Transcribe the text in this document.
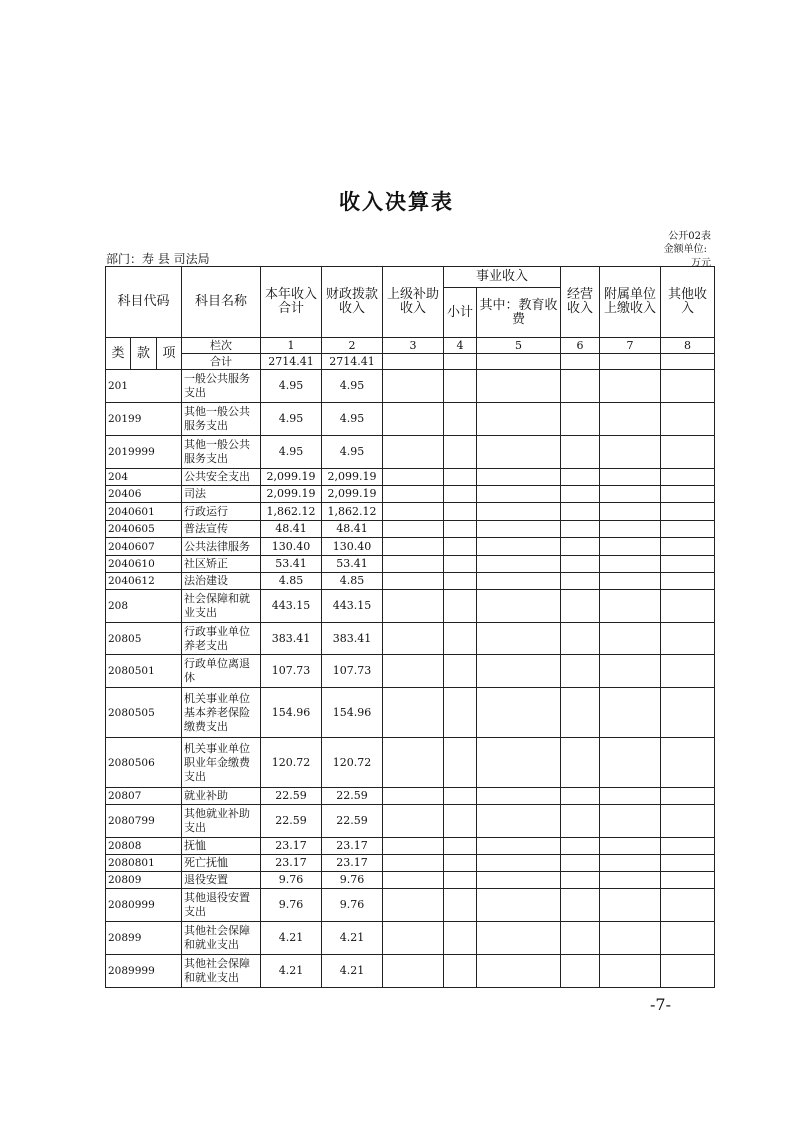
收入决算表
公开02表
金额单位:
万元
部门：寿 县 司法局
科目代码			科目名称	本年收入合计	财政拨款收入	上级补助收入	事业收入		经营收入	附属单位上缴收入	其他收入
							小计	其中：教育收费			

类	款	项	栏次	1	2	3	4	5	6	7	8
			合计	2714.41	2714.41						
201			一般公共服务支出	4.95	4.95						
20199			其他一般公共服务支出	4.95	4.95						
2019999			其他一般公共服务支出	4.95	4.95						
204			公共安全支出	2,099.19	2,099.19						
20406			司法	2,099.19	2,099.19						
2040601			行政运行	1,862.12	1,862.12						
2040605			普法宣传	48.41	48.41						
2040607			公共法律服务	130.40	130.40						
2040610			社区矫正	53.41	53.41						
2040612			法治建设	4.85	4.85						
208			社会保障和就业支出	443.15	443.15						
20805			行政事业单位养老支出	383.41	383.41						
2080501			行政单位离退休	107.73	107.73						
2080505			机关事业单位基本养老保险缴费支出	154.96	154.96						
2080506			机关事业单位职业年金缴费支出	120.72	120.72						
20807			就业补助	22.59	22.59						
2080799			其他就业补助支出	22.59	22.59						
20808			抚恤	23.17	23.17						
2080801			死亡抚恤	23.17	23.17						
20809			退役安置	9.76	9.76						
2080999			其他退役安置支出	9.76	9.76						
20899			其他社会保障和就业支出	4.21	4.21						
2089999			其他社会保障和就业支出	4.21	4.21						
-7-
